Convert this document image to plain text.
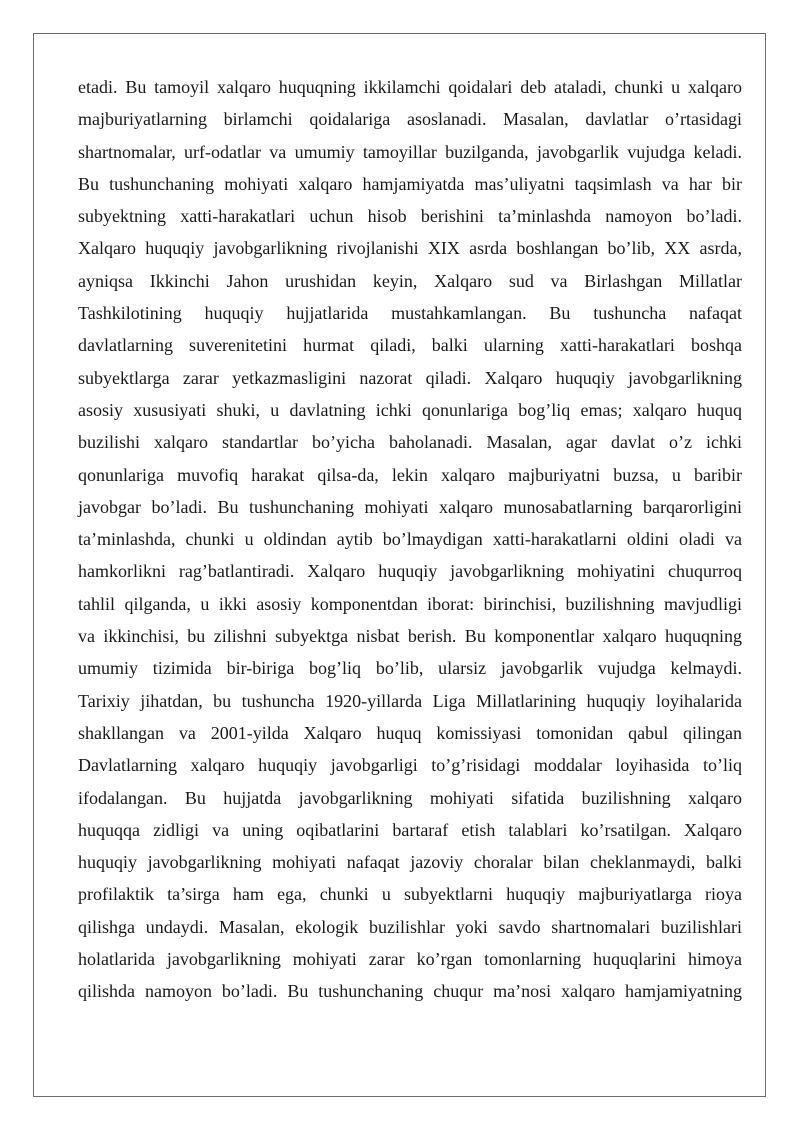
etadi. Bu tamoyil xalqaro huquqning ikkilamchi qoidalari deb ataladi, chunki u xalqaro
majburiyatlarning birlamchi qoidalariga asoslanadi. Masalan, davlatlar o’rtasidagi
shartnomalar, urf-odatlar va umumiy tamoyillar buzilganda, javobgarlik vujudga keladi.
Bu tushunchaning mohiyati xalqaro hamjamiyatda mas’uliyatni taqsimlash va har bir
subyektning xatti-harakatlari uchun hisob berishini ta’minlashda namoyon bo’ladi.
Xalqaro huquqiy javobgarlikning rivojlanishi XIX asrda boshlangan bo’lib, XX asrda,
ayniqsa Ikkinchi Jahon urushidan keyin, Xalqaro sud va Birlashgan Millatlar
Tashkilotining huquqiy hujjatlarida mustahkamlangan. Bu tushuncha nafaqat
davlatlarning suverenitetini hurmat qiladi, balki ularning xatti-harakatlari boshqa
subyektlarga zarar yetkazmasligini nazorat qiladi. Xalqaro huquqiy javobgarlikning
asosiy xususiyati shuki, u davlatning ichki qonunlariga bog’liq emas; xalqaro huquq
buzilishi xalqaro standartlar bo’yicha baholanadi. Masalan, agar davlat o’z ichki
qonunlariga muvofiq harakat qilsa-da, lekin xalqaro majburiyatni buzsa, u baribir
javobgar bo’ladi. Bu tushunchaning mohiyati xalqaro munosabatlarning barqarorligini
ta’minlashda, chunki u oldindan aytib bo’lmaydigan xatti-harakatlarni oldini oladi va
hamkorlikni rag’batlantiradi. Xalqaro huquqiy javobgarlikning mohiyatini chuqurroq
tahlil qilganda, u ikki asosiy komponentdan iborat: birinchisi, buzilishning mavjudligi
va ikkinchisi, bu zilishni subyektga nisbat berish. Bu komponentlar xalqaro huquqning
umumiy tizimida bir-biriga bog’liq bo’lib, ularsiz javobgarlik vujudga kelmaydi.
Tarixiy jihatdan, bu tushuncha 1920-yillarda Liga Millatlarining huquqiy loyihalarida
shakllangan va 2001-yilda Xalqaro huquq komissiyasi tomonidan qabul qilingan
Davlatlarning xalqaro huquqiy javobgarligi to’g’risidagi moddalar loyihasida to’liq
ifodalangan. Bu hujjatda javobgarlikning mohiyati sifatida buzilishning xalqaro
huquqqa zidligi va uning oqibatlarini bartaraf etish talablari ko’rsatilgan. Xalqaro
huquqiy javobgarlikning mohiyati nafaqat jazoviy choralar bilan cheklanmaydi, balki
profilaktik ta’sirga ham ega, chunki u subyektlarni huquqiy majburiyatlarga rioya
qilishga undaydi. Masalan, ekologik buzilishlar yoki savdo shartnomalari buzilishlari
holatlarida javobgarlikning mohiyati zarar ko’rgan tomonlarning huquqlarini himoya
qilishda namoyon bo’ladi. Bu tushunchaning chuqur ma’nosi xalqaro hamjamiyatning
